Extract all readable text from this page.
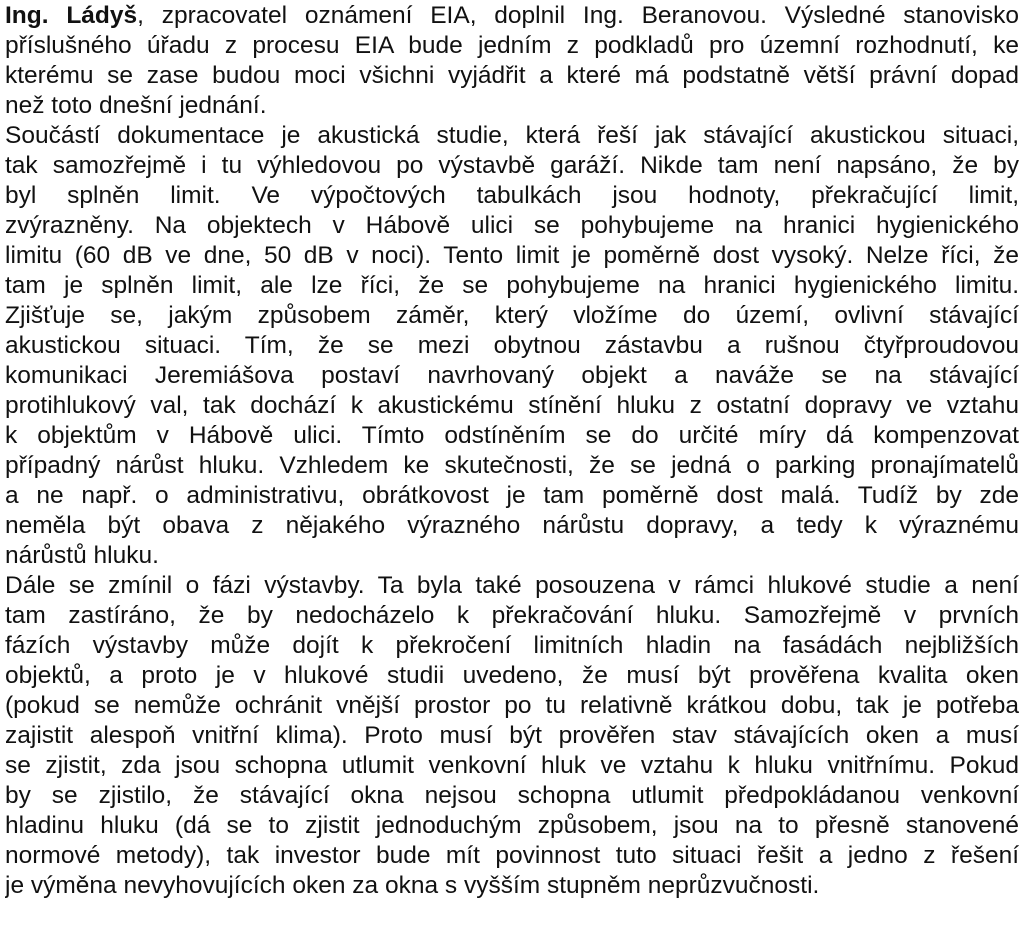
Ing. Ládyš, zpracovatel oznámení EIA, doplnil Ing. Beranovou. Výsledné stanovisko
příslušného úřadu z procesu EIA bude jedním z podkladů pro územní rozhodnutí, ke
kterému se zase budou moci všichni vyjádřit a které má podstatně větší právní dopad
než toto dnešní jednání.

Součástí dokumentace je akustická studie, která řeší jak stávající akustickou situaci,
tak samozřejmě i tu výhledovou po výstavbě garáží. Nikde tam není napsáno, že by
byl splněn limit. Ve výpočtových tabulkách jsou hodnoty, překračující limit,
zvýrazněny. Na objektech v Hábově ulici se pohybujeme na hranici hygienického
limitu (60 dB ve dne, 50 dB v noci). Tento limit je poměrně dost vysoký. Nelze říci, že
tam je splněn limit, ale lze říci, že se pohybujeme na hranici hygienického limitu.
Zjišťuje se, jakým způsobem záměr, který vložíme do území, ovlivní stávající
akustickou situaci. Tím, že se mezi obytnou zástavbu a rušnou čtyřproudovou
komunikaci Jeremiášova postaví navrhovaný objekt a naváže se na stávající
protihlukový val, tak dochází k akustickému stínění hluku z ostatní dopravy ve vztahu
k objektům v Hábově ulici. Tímto odstíněním se do určité míry dá kompenzovat
případný nárůst hluku. Vzhledem ke skutečnosti, že se jedná o parking pronajímatelů
a ne např. o administrativu, obrátkovost je tam poměrně dost malá. Tudíž by zde
neměla být obava z nějakého výrazného nárůstu dopravy, a tedy k výraznému
nárůstů hluku.

Dále se zmínil o fázi výstavby. Ta byla také posouzena v rámci hlukové studie a není
tam zastíráno, že by nedocházelo k překračování hluku. Samozřejmě v prvních
fázích výstavby může dojít k překročení limitních hladin na fasádách nejbližších
objektů, a proto je v hlukové studii uvedeno, že musí být prověřena kvalita oken
(pokud se nemůže ochránit vnější prostor po tu relativně krátkou dobu, tak je potřeba
zajistit alespoň vnitřní klima). Proto musí být prověřen stav stávajících oken a musí
se zjistit, zda jsou schopna utlumit venkovní hluk ve vztahu k hluku vnitřnímu. Pokud
by se zjistilo, že stávající okna nejsou schopna utlumit předpokládanou venkovní
hladinu hluku (dá se to zjistit jednoduchým způsobem, jsou na to přesně stanovené
normové metody), tak investor bude mít povinnost tuto situaci řešit a jedno z řešení
je výměna nevyhovujících oken za okna s vyšším stupněm neprůzvučnosti.
